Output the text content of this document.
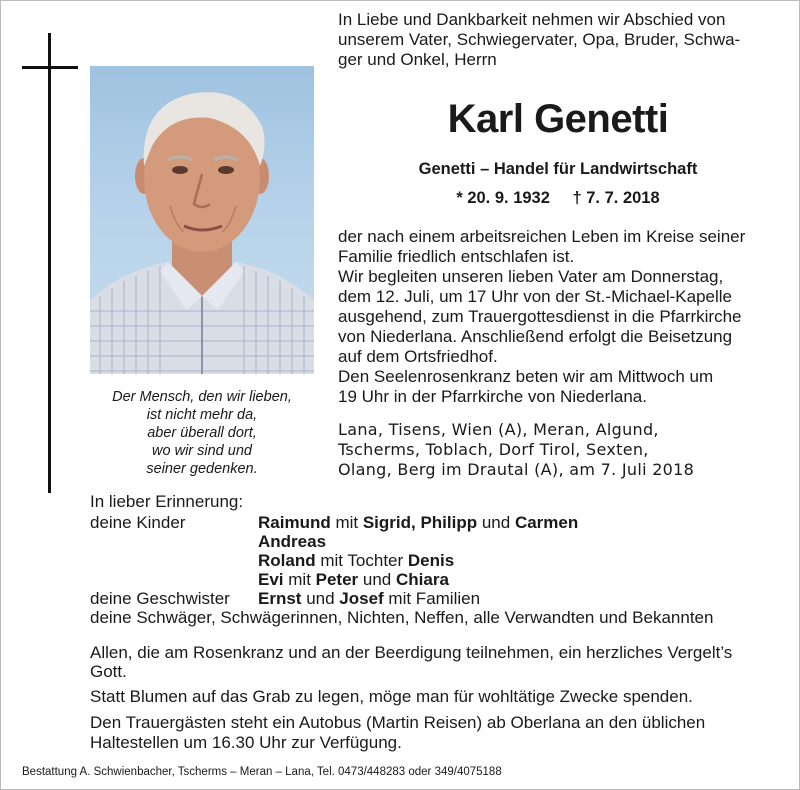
Der Mensch, den wir lieben,
ist nicht mehr da,
aber überall dort,
wo wir sind und
seiner gedenken.
In Liebe und Dankbarkeit nehmen wir Abschied von
unserem Vater, Schwiegervater, Opa, Bruder, Schwa-
ger und Onkel, Herrn
Karl Genetti
Genetti – Handel für Landwirtschaft
* 20. 9. 1932 † 7. 7. 2018
der nach einem arbeitsreichen Leben im Kreise seiner
Familie friedlich entschlafen ist.
Wir begleiten unseren lieben Vater am Donnerstag,
dem 12. Juli, um 17 Uhr von der St.-Michael-Kapelle
ausgehend, zum Trauergottesdienst in die Pfarrkirche
von Niederlana. Anschließend erfolgt die Beisetzung
auf dem Ortsfriedhof.
Den Seelenrosenkranz beten wir am Mittwoch um
19 Uhr in der Pfarrkirche von Niederlana.
Lana, Tisens, Wien (A), Meran, Algund,
Tscherms, Toblach, Dorf Tirol, Sexten,
Olang, Berg im Drautal (A), am 7. Juli 2018
In lieber Erinnerung:
deine Kinder	Raimund mit Sigrid, Philipp und Carmen
Andreas
Roland mit Tochter Denis
Evi mit Peter und Chiara
deine Geschwister Ernst und Josef mit Familien
deine Schwäger, Schwägerinnen, Nichten, Neffen, alle Verwandten und Bekannten
Allen, die am Rosenkranz und an der Beerdigung teilnehmen, ein herzliches Vergelt’s
Gott.
Statt Blumen auf das Grab zu legen, möge man für wohltätige Zwecke spenden.
Den Trauergästen steht ein Autobus (Martin Reisen) ab Oberlana an den üblichen
Haltestellen um 16.30 Uhr zur Verfügung.
Bestattung A. Schwienbacher, Tscherms – Meran – Lana, Tel. 0473/448283 oder 349/4075188
